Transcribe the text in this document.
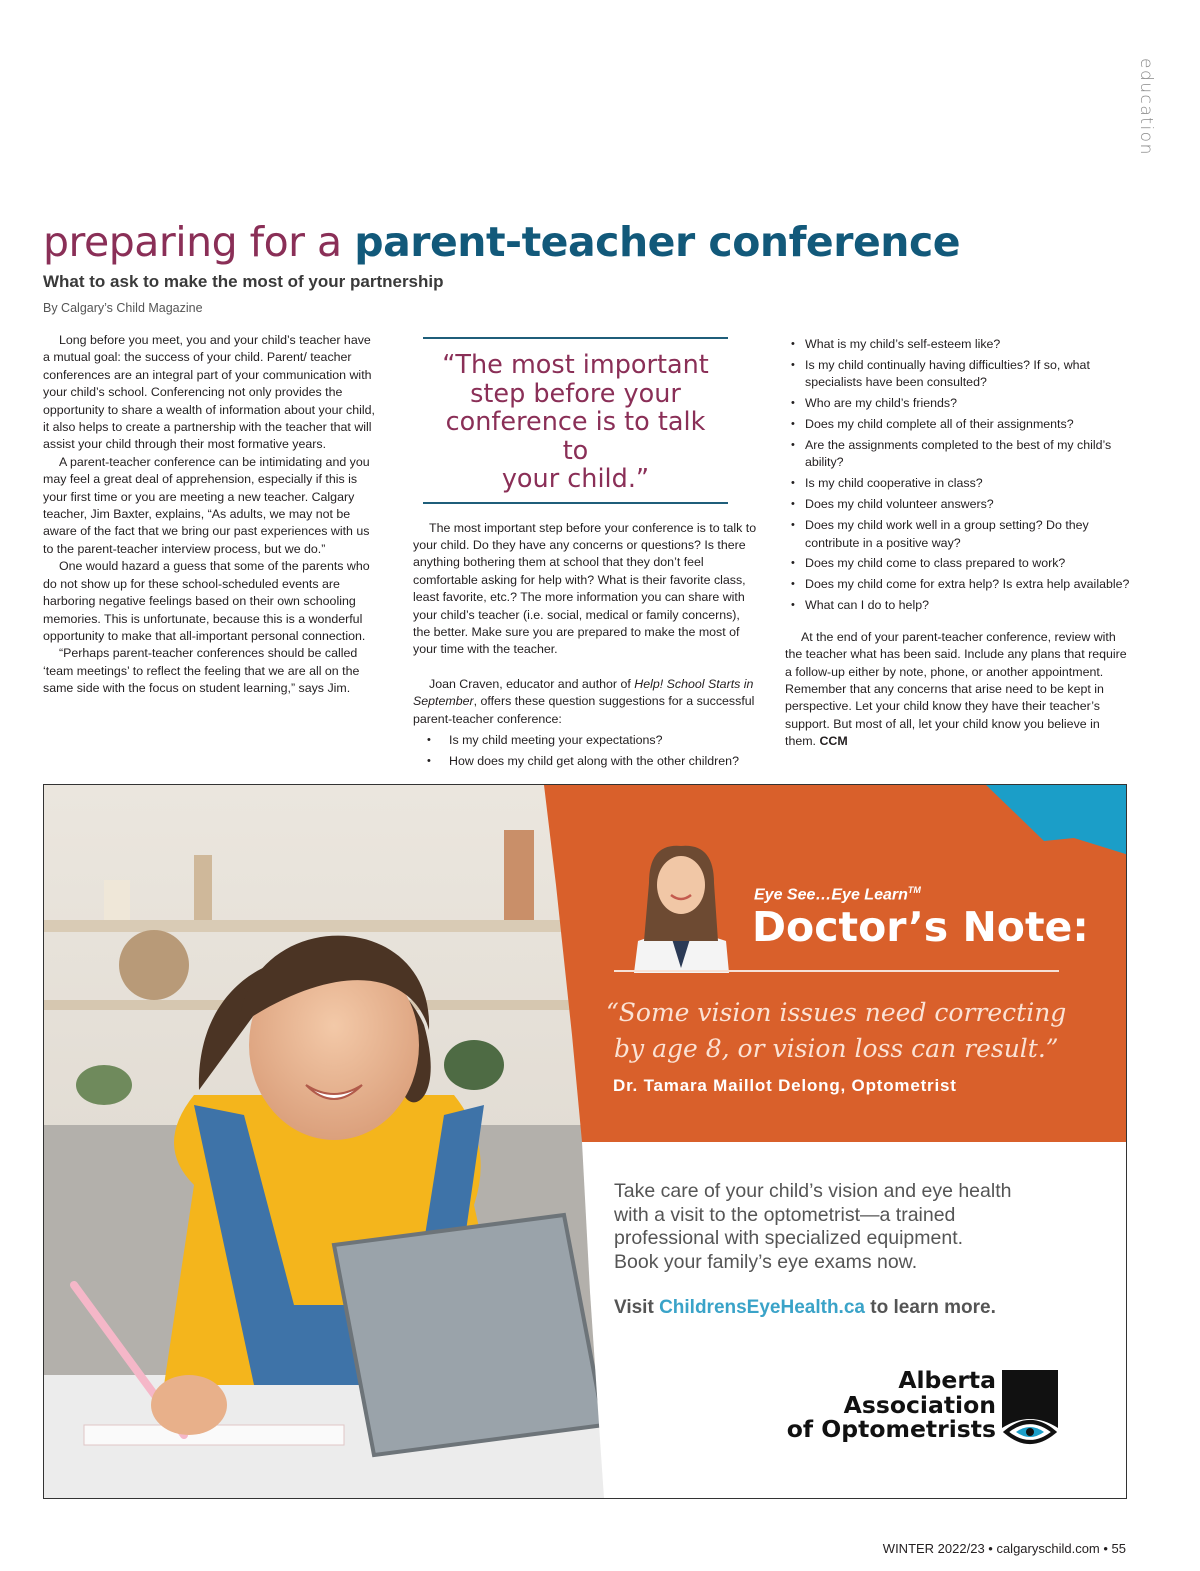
education
preparing for a parent-teacher conference
What to ask to make the most of your partnership
By Calgary’s Child Magazine

Long before you meet, you and your child’s teacher have a mutual goal: the success of your child. Parent/ teacher conferences are an integral part of your communication with your child’s school. Conferencing not only provides the opportunity to share a wealth of information about your child, it also helps to create a partnership with the teacher that will assist your child through their most formative years.

A parent-teacher conference can be intimidating and you may feel a great deal of apprehension, especially if this is your first time or you are meeting a new teacher. Calgary teacher, Jim Baxter, explains, “As adults, we may not be aware of the fact that we bring our past experiences with us to the parent-teacher interview process, but we do.”

One would hazard a guess that some of the parents who do not show up for these school-scheduled events are harboring negative feelings based on their own schooling memories. This is unfortunate, because this is a wonderful opportunity to make that all-important personal connection.

“Perhaps parent-teacher conferences should be called ‘team meetings’ to reflect the feeling that we are all on the same side with the focus on student learning,” says Jim.

“The most important
step before your
conference is to talk to
your child.”

The most important step before your conference is to talk to your child. Do they have any concerns or questions? Is there anything bothering them at school that they don’t feel comfortable asking for help with? What is their favorite class, least favorite, etc.? The more information you can share with your child’s teacher (i.e. social, medical or family concerns), the better. Make sure you are prepared to make the most of your time with the teacher.

Joan Craven, educator and author of Help! School Starts in September, offers these question suggestions for a successful parent-teacher conference:

• Is my child meeting your expectations?
• How does my child get along with the other children?
• What is my child’s self-esteem like?
• Is my child continually having difficulties? If so, what specialists have been consulted?
• Who are my child’s friends?
• Does my child complete all of their assignments?
• Are the assignments completed to the best of my child’s ability?
• Is my child cooperative in class?
• Does my child volunteer answers?
• Does my child work well in a group setting? Do they contribute in a positive way?
• Does my child come to class prepared to work?
• Does my child come for extra help? Is extra help available?
• What can I do to help?

At the end of your parent-teacher conference, review with the teacher what has been said. Include any plans that require a follow-up either by note, phone, or another appointment. Remember that any concerns that arise need to be kept in perspective. Let your child know they have their teacher’s support. But most of all, let your child know you believe in them. CCM

Eye See…Eye Learn™
Doctor’s Note:
“Some vision issues need correcting
by age 8, or vision loss can result.”
Dr. Tamara Maillot Delong, Optometrist
Take care of your child’s vision and eye health
with a visit to the optometrist—a trained
professional with specialized equipment.
Book your family’s eye exams now.
Visit ChildrensEyeHealth.ca to learn more.
Alberta
Association
of Optometrists
WINTER 2022/23 • calgaryschild.com • 55
